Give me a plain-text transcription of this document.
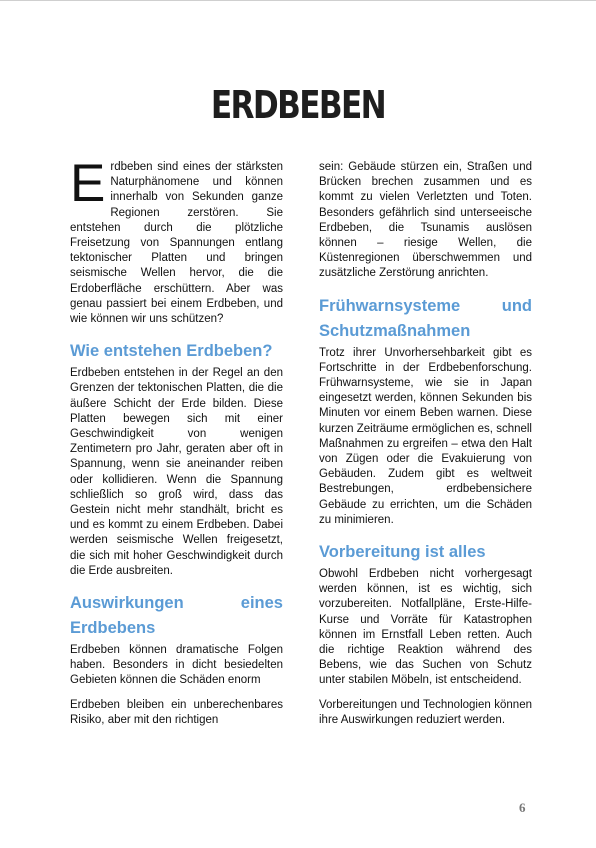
ERDBEBEN

Erdbeben sind eines der stärksten Naturphänomene und können innerhalb von Sekunden ganze Regionen zerstören. Sie entstehen durch die plötzliche Freisetzung von Spannungen entlang tektonischer Platten und bringen seismische Wellen hervor, die die Erdoberfläche erschüttern. Aber was genau passiert bei einem Erdbeben, und wie können wir uns schützen?

Wie entstehen Erdbeben?

Erdbeben entstehen in der Regel an den Grenzen der tektonischen Platten, die die äußere Schicht der Erde bilden. Diese Platten bewegen sich mit einer Geschwindigkeit von wenigen Zentimetern pro Jahr, geraten aber oft in Spannung, wenn sie aneinander reiben oder kollidieren. Wenn die Spannung schließlich so groß wird, dass das Gestein nicht mehr standhält, bricht es und es kommt zu einem Erdbeben. Dabei werden seismische Wellen freigesetzt, die sich mit hoher Geschwindigkeit durch die Erde ausbreiten.

Auswirkungen eines Erdbebens

Erdbeben können dramatische Folgen haben. Besonders in dicht besiedelten Gebieten können die Schäden enorm

Erdbeben bleiben ein unberechenbares Risiko, aber mit den richtigen

sein: Gebäude stürzen ein, Straßen und Brücken brechen zusammen und es kommt zu vielen Verletzten und Toten. Besonders gefährlich sind unterseeische Erdbeben, die Tsunamis auslösen können – riesige Wellen, die Küstenregionen überschwemmen und zusätzliche Zerstörung anrichten.

Frühwarnsysteme und Schutzmaßnahmen

Trotz ihrer Unvorhersehbarkeit gibt es Fortschritte in der Erdbebenforschung. Frühwarnsysteme, wie sie in Japan eingesetzt werden, können Sekunden bis Minuten vor einem Beben warnen. Diese kurzen Zeiträume ermöglichen es, schnell Maßnahmen zu ergreifen – etwa den Halt von Zügen oder die Evakuierung von Gebäuden. Zudem gibt es weltweit Bestrebungen, erdbebensichere Gebäude zu errichten, um die Schäden zu minimieren.

Vorbereitung ist alles

Obwohl Erdbeben nicht vorhergesagt werden können, ist es wichtig, sich vorzubereiten. Notfallpläne, Erste-Hilfe-Kurse und Vorräte für Katastrophen können im Ernstfall Leben retten. Auch die richtige Reaktion während des Bebens, wie das Suchen von Schutz unter stabilen Möbeln, ist entscheidend.

Vorbereitungen und Technologien können ihre Auswirkungen reduziert werden.

6
